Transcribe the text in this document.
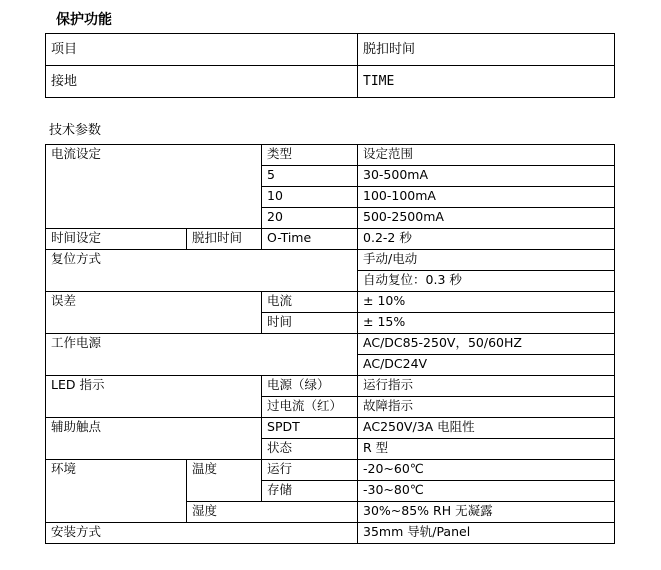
保护功能
项目	脱扣时间
接地	TIME
技术参数
电流设定		类型	设定范围
		5	30-500mA
		10	100-100mA
		20	500-2500mA
时间设定	脱扣时间	O-Time	0.2-2 秒
复位方式			手动/电动
			自动复位：0.3 秒
误差		电流	± 10%
		时间	± 15%
工作电源			AC/DC85-250V，50/60HZ
			AC/DC24V
LED 指示		电源（绿）	运行指示
		过电流（红）	故障指示
辅助触点		SPDT	AC250V/3A 电阻性
		状态	R 型
环境	温度	运行	-20~60℃
		存储	-30~80℃
	湿度		30%~85% RH 无凝露
安装方式			35mm 导轨/Panel
